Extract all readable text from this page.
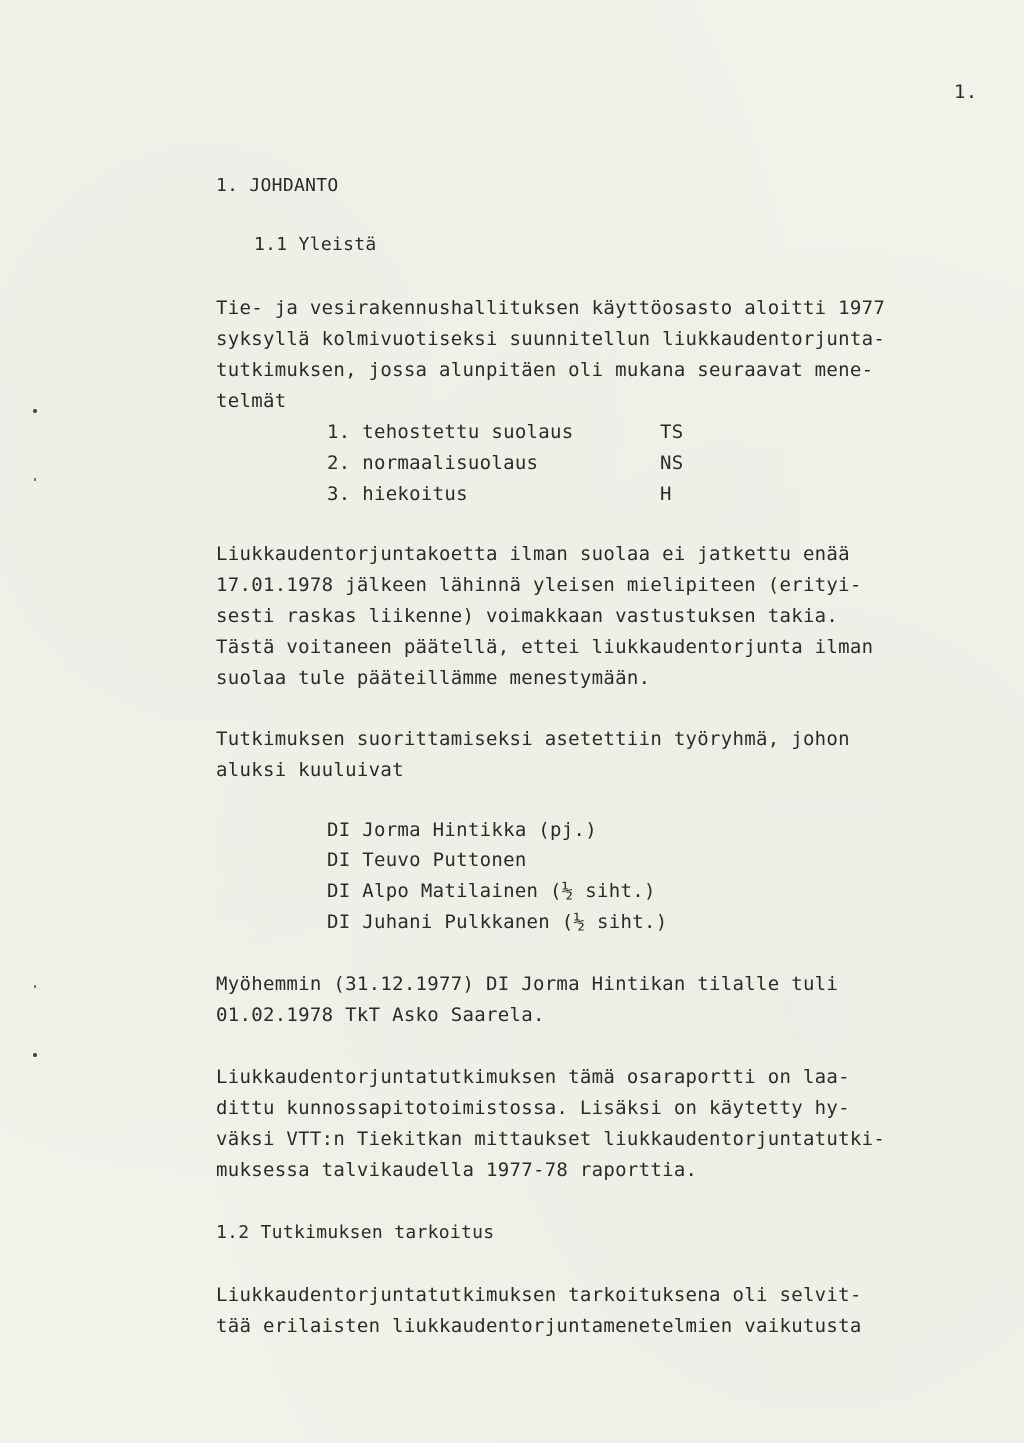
1.
1. JOHDANTO
1.1 Yleistä
Tie- ja vesirakennushallituksen käyttöosasto aloitti 1977
syksyllä kolmivuotiseksi suunnitellun liukkaudentorjunta-
tutkimuksen, jossa alunpitäen oli mukana seuraavat mene-
telmät
1. tehostettu suolaus	TS
2. normaalisuolaus	NS
3. hiekoitus	H
Liukkaudentorjuntakoetta ilman suolaa ei jatkettu enää
17.01.1978 jälkeen lähinnä yleisen mielipiteen (erityi-
sesti raskas liikenne) voimakkaan vastustuksen takia.
Tästä voitaneen päätellä, ettei liukkaudentorjunta ilman
suolaa tule pääteillämme menestymään.
Tutkimuksen suorittamiseksi asetettiin työryhmä, johon
aluksi kuuluivat
DI Jorma Hintikka (pj.)
DI Teuvo Puttonen
DI Alpo Matilainen (½ siht.)
DI Juhani Pulkkanen (½ siht.)
Myöhemmin (31.12.1977) DI Jorma Hintikan tilalle tuli
01.02.1978 TkT Asko Saarela.
Liukkaudentorjuntatutkimuksen tämä osaraportti on laa-
dittu kunnossapitotoimistossa. Lisäksi on käytetty hy-
väksi VTT:n Tiekitkan mittaukset liukkaudentorjuntatutki-
muksessa talvikaudella 1977-78 raporttia.
1.2 Tutkimuksen tarkoitus
Liukkaudentorjuntatutkimuksen tarkoituksena oli selvit-
tää erilaisten liukkaudentorjuntamenetelmien vaikutusta
